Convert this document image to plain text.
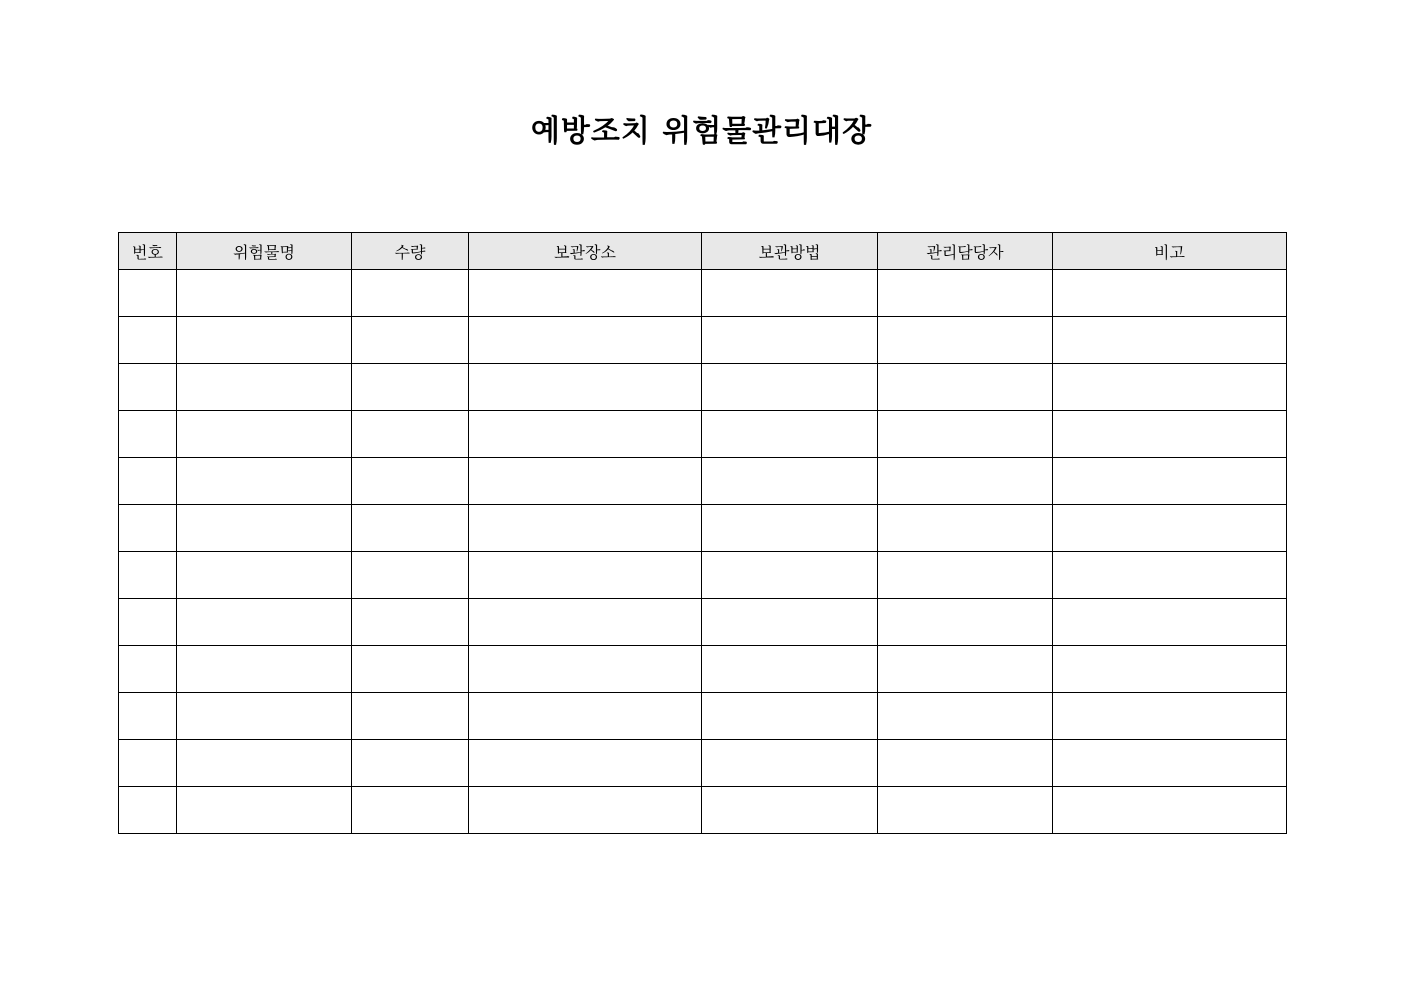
예방조치 위험물관리대장
번호	위험물명	수량	보관장소	보관방법	관리담당자	비고
